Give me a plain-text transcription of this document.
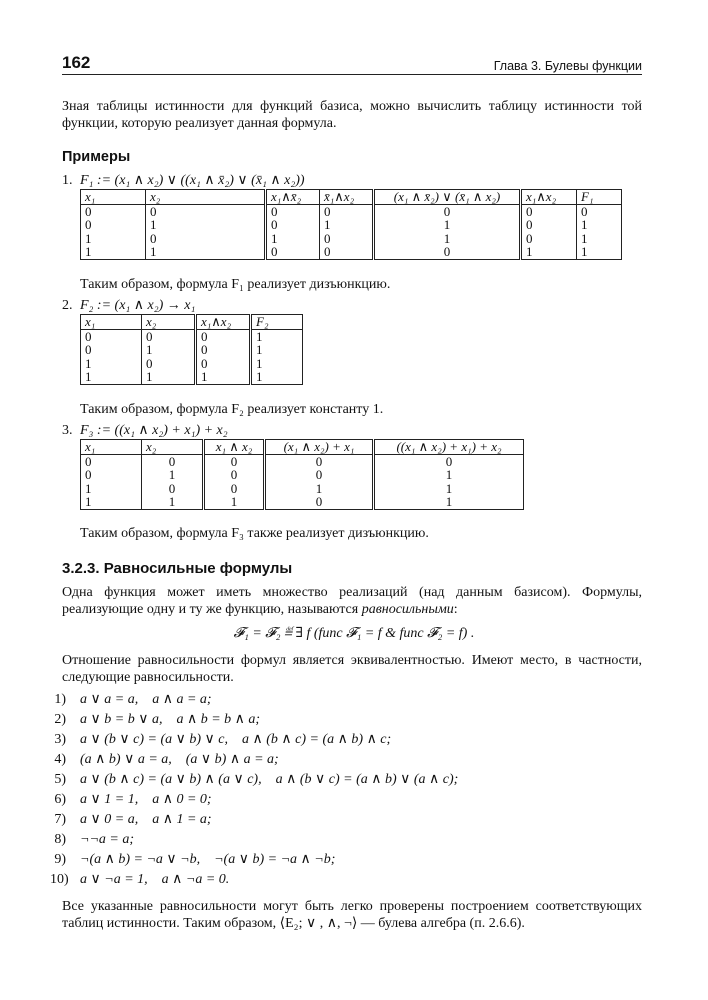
162	Глава 3. Булевы функции
Зная таблицы истинности для функций базиса, можно вычислить таблицу истинности той функции, которую реализует данная формула.
Примеры
1. F₁ := (x₁ ∧ x₂) ∨ ((x₁ ∧ x̄₂) ∨ (x̄₁ ∧ x₂))
x₁	x₂	x₁∧x̄₂	x̄₁∧x₂	(x₁ ∧ x̄₂) ∨ (x̄₁ ∧ x₂)	x₁∧x₂	F₁
0	0	0	0	0	0	0
0	1	0	1	1	0	1
1	0	1	0	1	0	1
1	1	0	0	0	1	1
Таким образом, формула F₁ реализует дизъюнкцию.
2. F₂ := (x₁ ∧ x₂) → x₁
x₁	x₂	x₁∧x₂	F₂
0	0	0	1
0	1	0	1
1	0	0	1
1	1	1	1
Таким образом, формула F₂ реализует константу 1.
3. F₃ := ((x₁ ∧ x₂) + x₁) + x₂
x₁	x₂	x₁ ∧ x₂	(x₁ ∧ x₂) + x₁	((x₁ ∧ x₂) + x₁) + x₂
0	0	0	0	0
0	1	0	0	1
1	0	0	1	1
1	1	1	0	1
Таким образом, формула F₃ также реализует дизъюнкцию.
3.2.3. Равносильные формулы
Одна функция может иметь множество реализаций (над данным базисом). Формулы, реализующие одну и ту же функцию, называются равносильными:
𝓕₁ = 𝓕₂ ≝ ∃ f (func 𝓕₁ = f & func 𝓕₂ = f) .
Отношение равносильности формул является эквивалентностью. Имеют место, в частности, следующие равносильности.
1) a ∨ a = a,    a ∧ a = a;
2) a ∨ b = b ∨ a,    a ∧ b = b ∧ a;
3) a ∨ (b ∨ c) = (a ∨ b) ∨ c,    a ∧ (b ∧ c) = (a ∧ b) ∧ c;
4) (a ∧ b) ∨ a = a,    (a ∨ b) ∧ a = a;
5) a ∨ (b ∧ c) = (a ∨ b) ∧ (a ∨ c),    a ∧ (b ∨ c) = (a ∧ b) ∨ (a ∧ c);
6) a ∨ 1 = 1,    a ∧ 0 = 0;
7) a ∨ 0 = a,    a ∧ 1 = a;
8) ¬¬a = a;
9) ¬(a ∧ b) = ¬a ∨ ¬b,    ¬(a ∨ b) = ¬a ∧ ¬b;
10) a ∨ ¬a = 1,    a ∧ ¬a = 0.
Все указанные равносильности могут быть легко проверены построением соответствующих таблиц истинности. Таким образом, ⟨E₂; ∨ , ∧, ¬⟩ — булева алгебра (п. 2.6.6).
